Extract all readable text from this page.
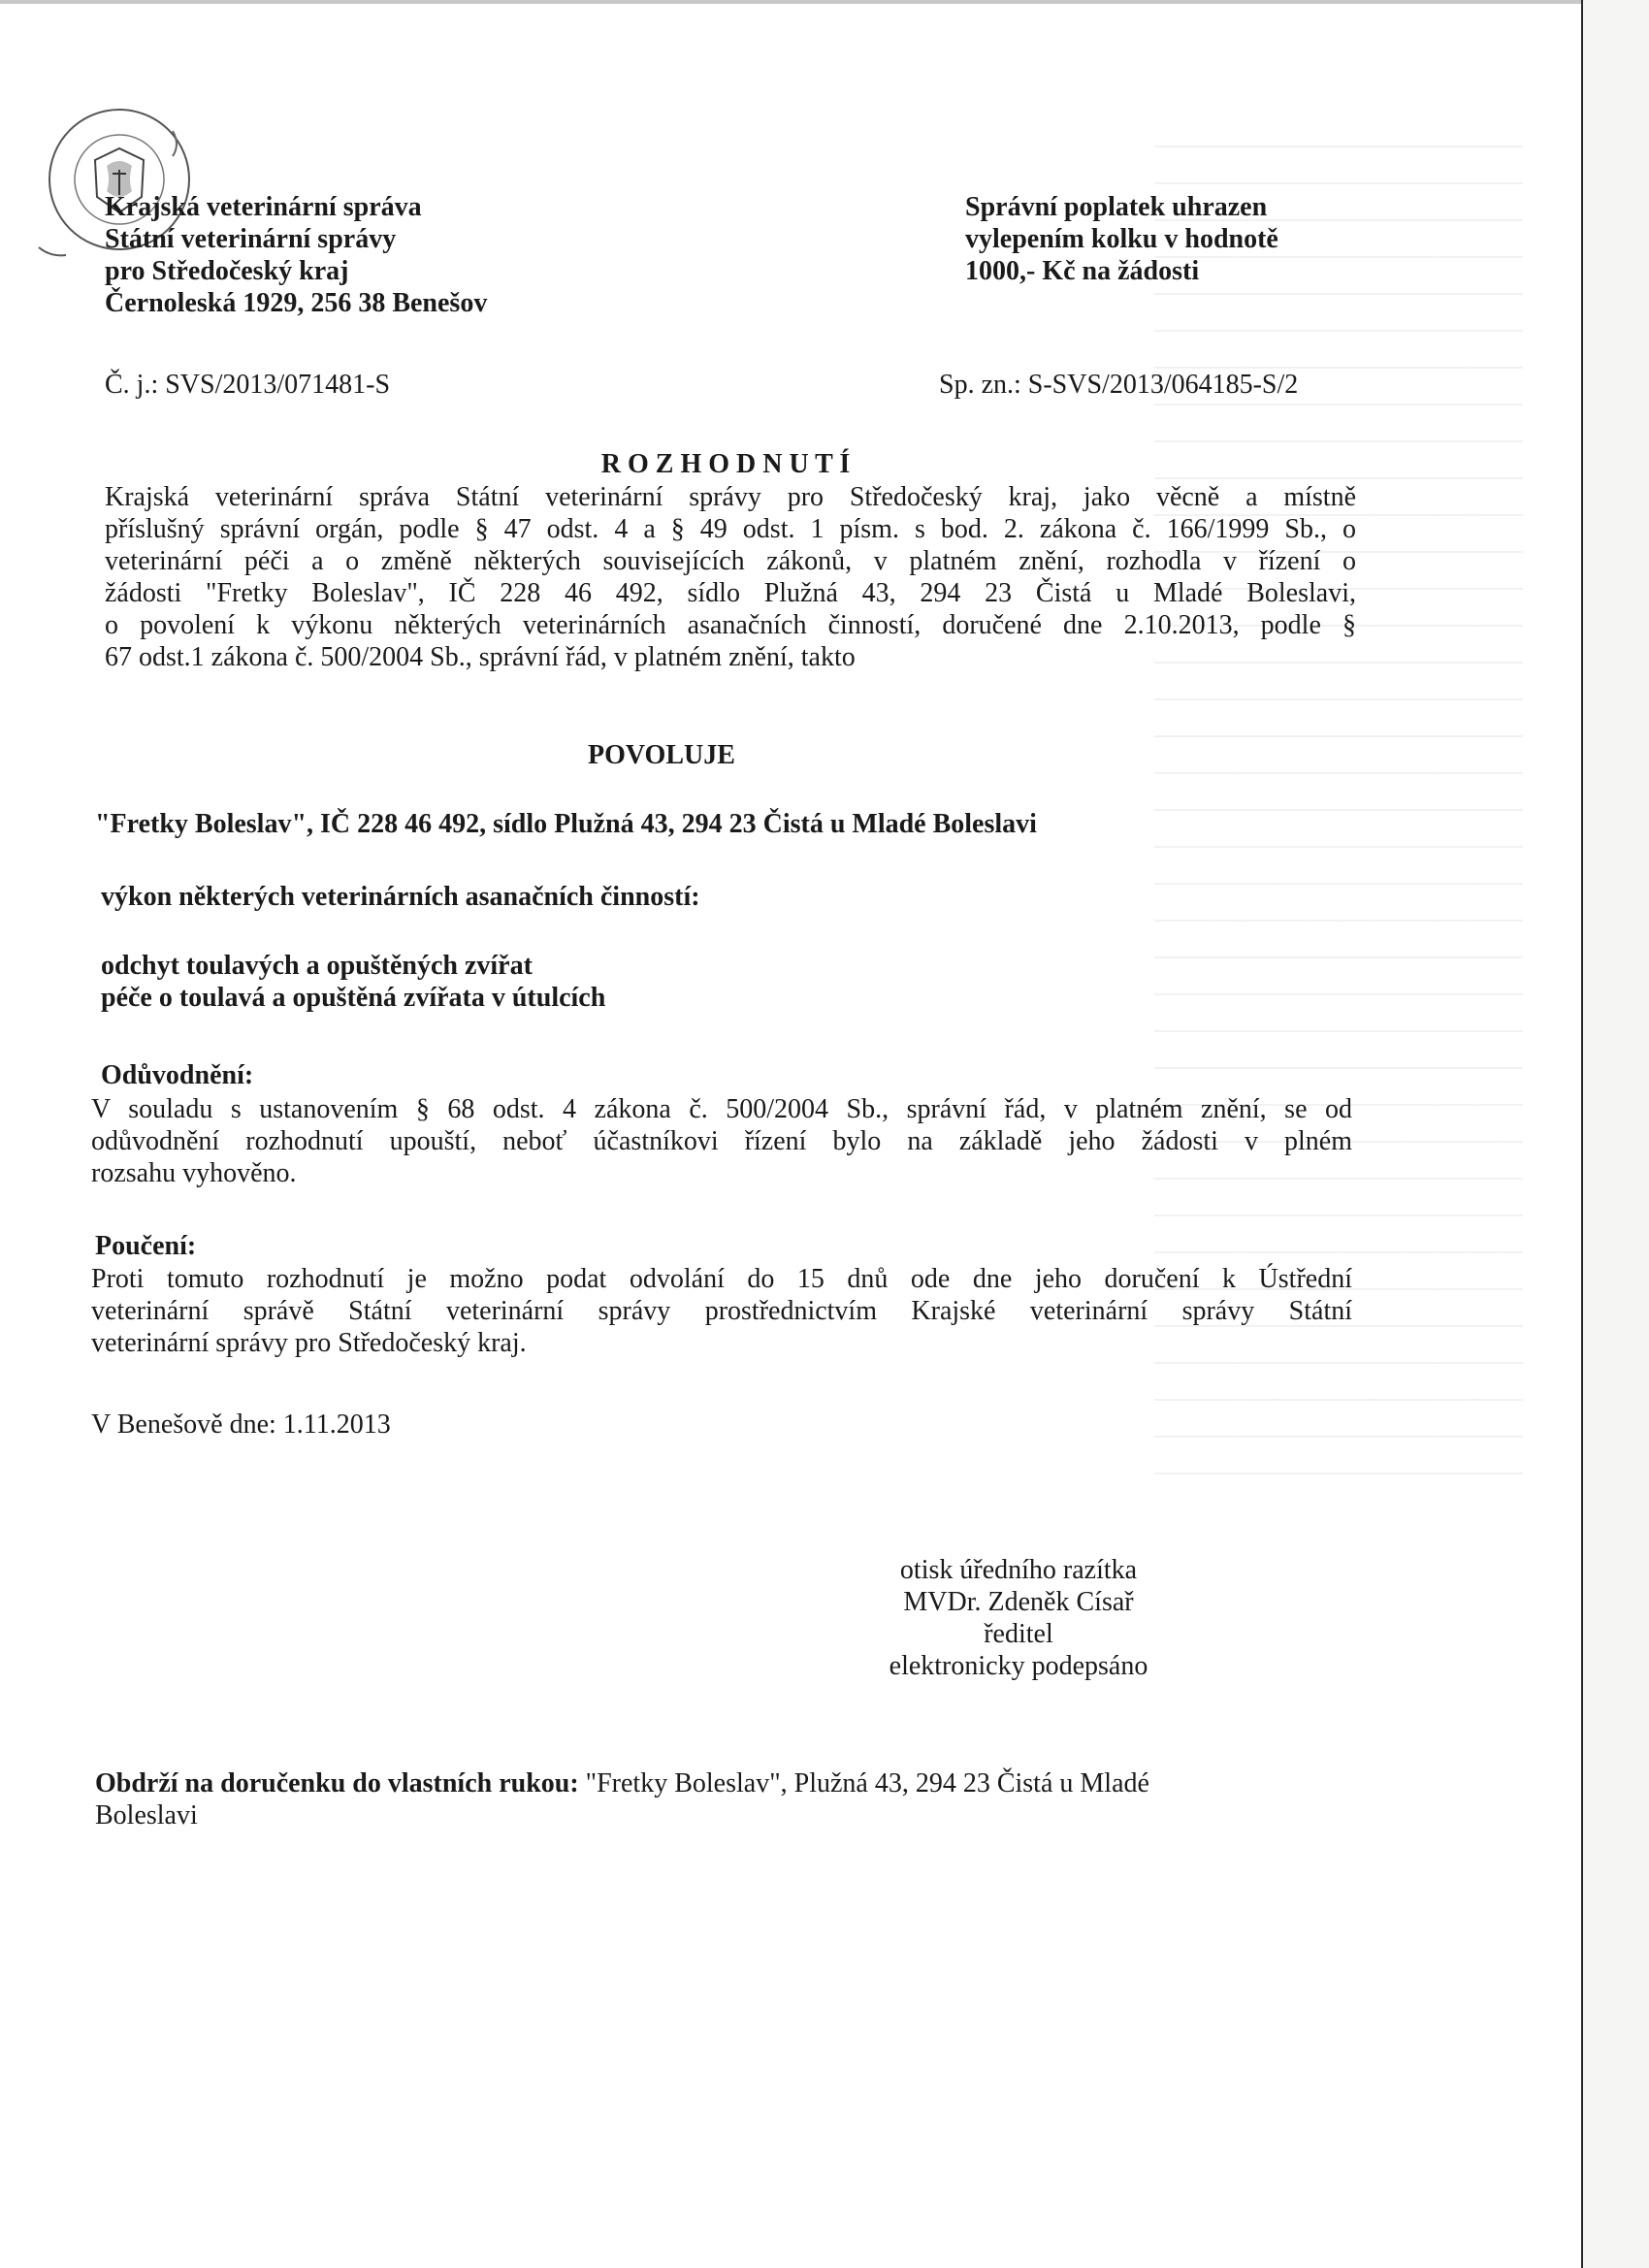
Krajská veterinární správa
Státní veterinární správy
pro Středočeský kraj
Černoleská 1929, 256 38 Benešov
Správní poplatek uhrazen
vylepením kolku v hodnotě
1000,- Kč na žádosti
Č. j.: SVS/2013/071481-S	Sp. zn.: S-SVS/2013/064185-S/2
R O Z H O D N U T Í
Krajská veterinární správa Státní veterinární správy pro Středočeský kraj, jako věcně a místně
příslušný správní orgán, podle § 47 odst. 4 a § 49 odst. 1 písm. s bod. 2. zákona č. 166/1999 Sb., o
veterinární péči a o změně některých souvisejících zákonů, v platném znění, rozhodla v řízení o
žádosti "Fretky Boleslav", IČ 228 46 492, sídlo Plužná 43, 294 23 Čistá u Mladé Boleslavi,
o povolení k výkonu některých veterinárních asanačních činností, doručené dne 2.10.2013, podle §
67 odst.1 zákona č. 500/2004 Sb., správní řád, v platném znění, takto
POVOLUJE
"Fretky Boleslav", IČ 228 46 492, sídlo Plužná 43, 294 23 Čistá u Mladé Boleslavi
výkon některých veterinárních asanačních činností:
odchyt toulavých a opuštěných zvířat
péče o toulavá a opuštěná zvířata v útulcích
Odůvodnění:
V souladu s ustanovením § 68 odst. 4 zákona č. 500/2004 Sb., správní řád, v platném znění, se od
odůvodnění rozhodnutí upouští, neboť účastníkovi řízení bylo na základě jeho žádosti v plném
rozsahu vyhověno.
Poučení:
Proti tomuto rozhodnutí je možno podat odvolání do 15 dnů ode dne jeho doručení k Ústřední
veterinární správě Státní veterinární správy prostřednictvím Krajské veterinární správy Státní
veterinární správy pro Středočeský kraj.
V Benešově dne: 1.11.2013
otisk úředního razítka
MVDr. Zdeněk Císař
ředitel
elektronicky podepsáno
Obdrží na doručenku do vlastních rukou: "Fretky Boleslav", Plužná 43, 294 23 Čistá u Mladé
Boleslavi
